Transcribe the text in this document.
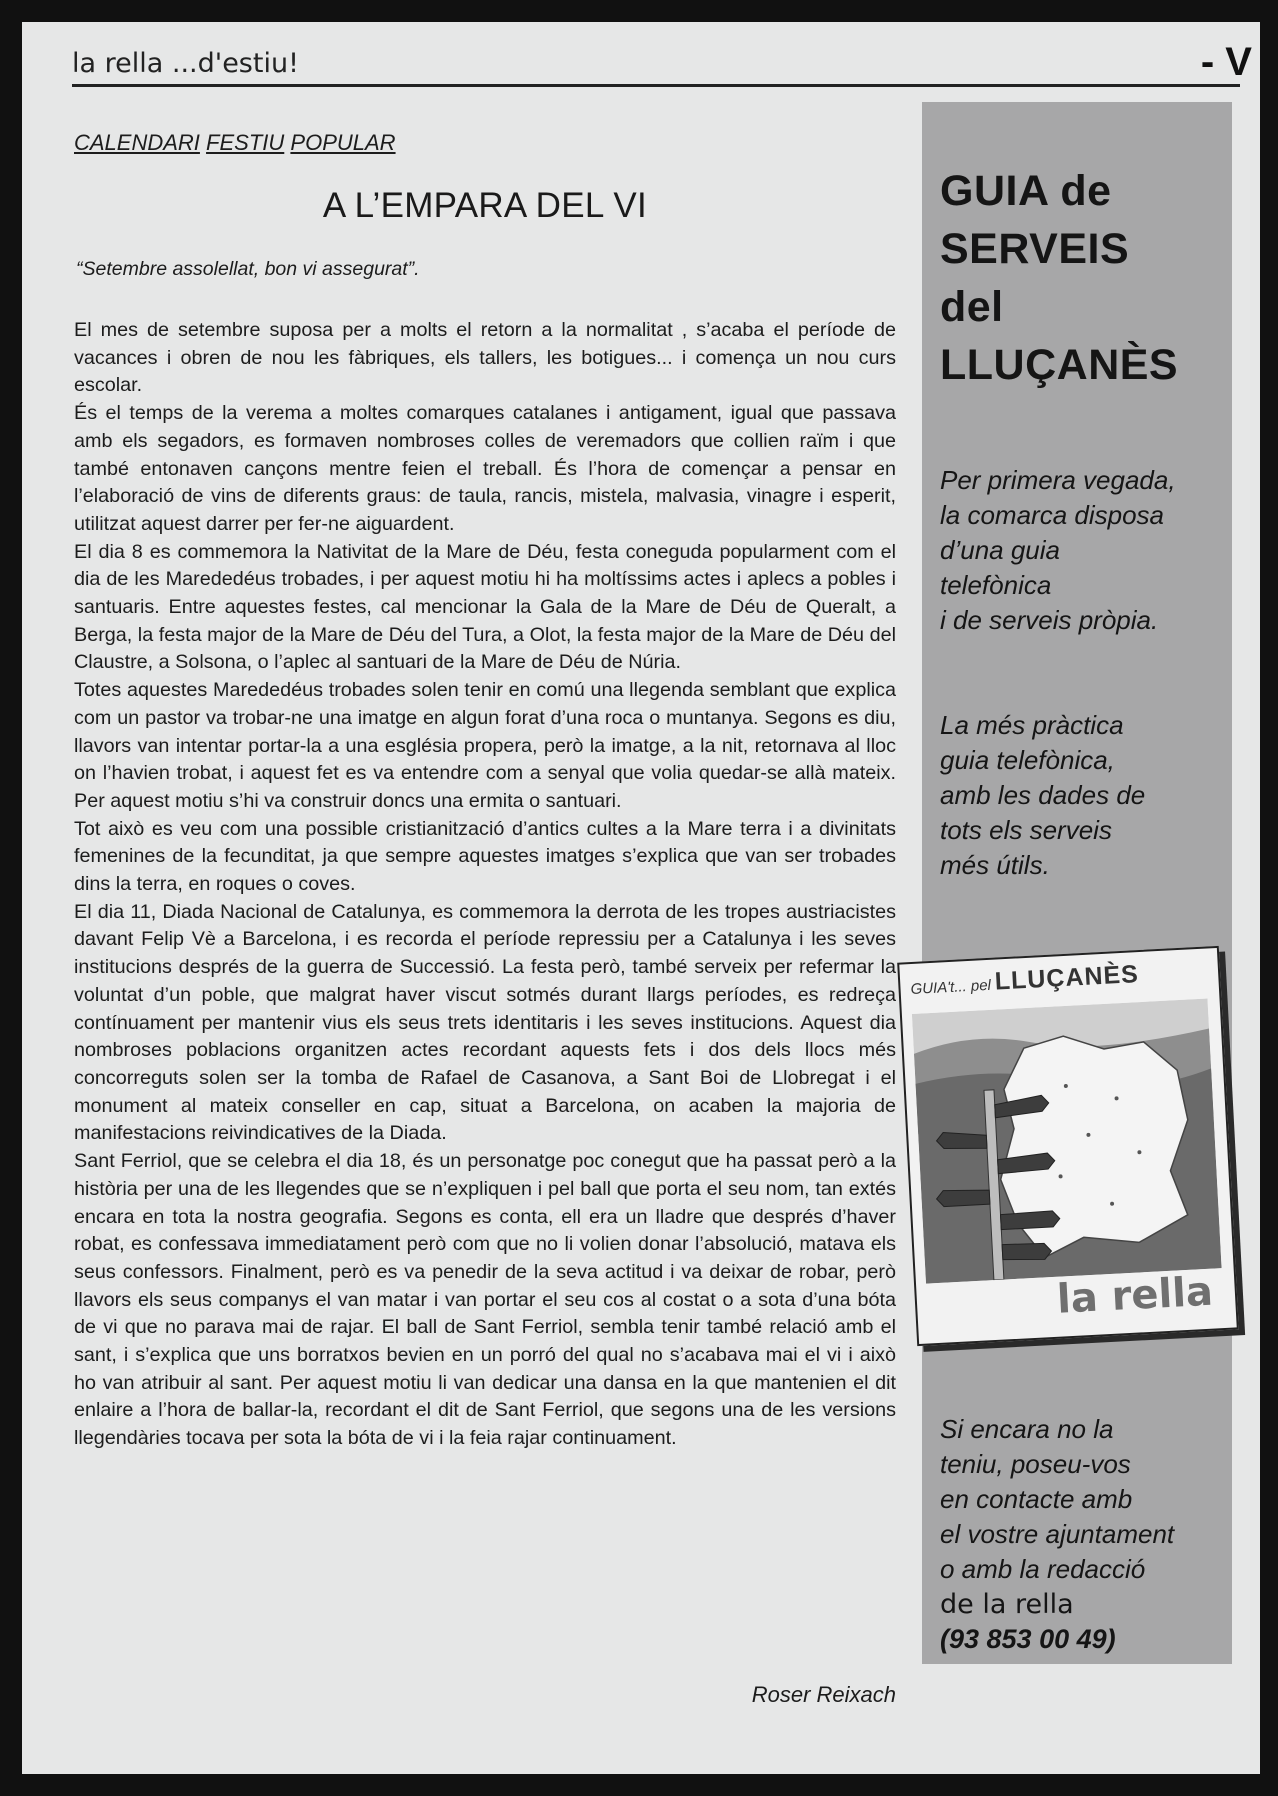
la rella ...d'estiu!	- V
CALENDARI FESTIU POPULAR
A L’EMPARA DEL VI
“Setembre assolellat, bon vi assegurat”.

El mes de setembre suposa per a molts el retorn a la normalitat , s’acaba el període de vacances i obren de nou les fàbriques, els tallers, les botigues... i comença un nou curs escolar.

És el temps de la verema a moltes comarques catalanes i antigament, igual que passava amb els segadors, es formaven nombroses colles de veremadors que collien raïm i que també entonaven cançons mentre feien el treball. És l’hora de començar a pensar en l’elaboració de vins de diferents graus: de taula, rancis, mistela, malvasia, vinagre i esperit, utilitzat aquest darrer per fer-ne aiguardent.

El dia 8 es commemora la Nativitat de la Mare de Déu, festa coneguda popularment com el dia de les Marededéus trobades, i per aquest motiu hi ha moltíssims actes i aplecs a pobles i santuaris. Entre aquestes festes, cal mencionar la Gala de la Mare de Déu de Queralt, a Berga, la festa major de la Mare de Déu del Tura, a Olot, la festa major de la Mare de Déu del Claustre, a Solsona, o l’aplec al santuari de la Mare de Déu de Núria.

Totes aquestes Marededéus trobades solen tenir en comú una llegenda semblant que explica com un pastor va trobar-ne una imatge en algun forat d’una roca o muntanya. Segons es diu, llavors van intentar portar-la a una església propera, però la imatge, a la nit, retornava al lloc on l’havien trobat, i aquest fet es va entendre com a senyal que volia quedar-se allà mateix. Per aquest motiu s’hi va construir doncs una ermita o santuari.

Tot això es veu com una possible cristianització d’antics cultes a la Mare terra i a divinitats femenines de la fecunditat, ja que sempre aquestes imatges s’explica que van ser trobades dins la terra, en roques o coves.

El dia 11, Diada Nacional de Catalunya, es commemora la derrota de les tropes austriacistes davant Felip Vè a Barcelona, i es recorda el període repressiu per a Catalunya i les seves institucions després de la guerra de Successió. La festa però, també serveix per refermar la voluntat d’un poble, que malgrat haver viscut sotmés durant llargs períodes, es redreça contínuament per mantenir vius els seus trets identitaris i les seves institucions. Aquest dia nombroses poblacions organitzen actes recordant aquests fets i dos dels llocs més concorreguts solen ser la tomba de Rafael de Casanova, a Sant Boi de Llobregat i el monument al mateix conseller en cap, situat a Barcelona, on acaben la majoria de manifestacions reivindicatives de la Diada.

Sant Ferriol, que se celebra el dia 18, és un personatge poc conegut que ha passat però a la història per una de les llegendes que se n’expliquen i pel ball que porta el seu nom, tan extés encara en tota la nostra geografia. Segons es conta, ell era un lladre que després d’haver robat, es confessava immediatament però com que no li volien donar l’absolució, matava els seus confessors. Finalment, però es va penedir de la seva actitud i va deixar de robar, però llavors els seus companys el van matar i van portar el seu cos al costat o a sota d’una bóta de vi que no parava mai de rajar. El ball de Sant Ferriol, sembla tenir també relació amb el sant, i s’explica que uns borratxos bevien en un porró del qual no s’acabava mai el vi i això ho van atribuir al sant. Per aquest motiu li van dedicar una dansa en la que mantenien el dit enlaire a l’hora de ballar-la, recordant el dit de Sant Ferriol, que segons una de les versions llegendàries tocava per sota la bóta de vi i la feia rajar continuament.

Roser Reixach
GUIA de
SERVEIS
del
LLUÇANÈS
Per primera vegada,
la comarca disposa
d’una guia
telefònica
i de serveis pròpia.
La més pràctica
guia telefònica,
amb les dades de
tots els serveis
més útils.
GUIA't... pel LLUÇANÈS
la rella
Si encara no la
teniu, poseu-vos
en contacte amb
el vostre ajuntament
o amb la redacció
de la rella
(93 853 00 49)
